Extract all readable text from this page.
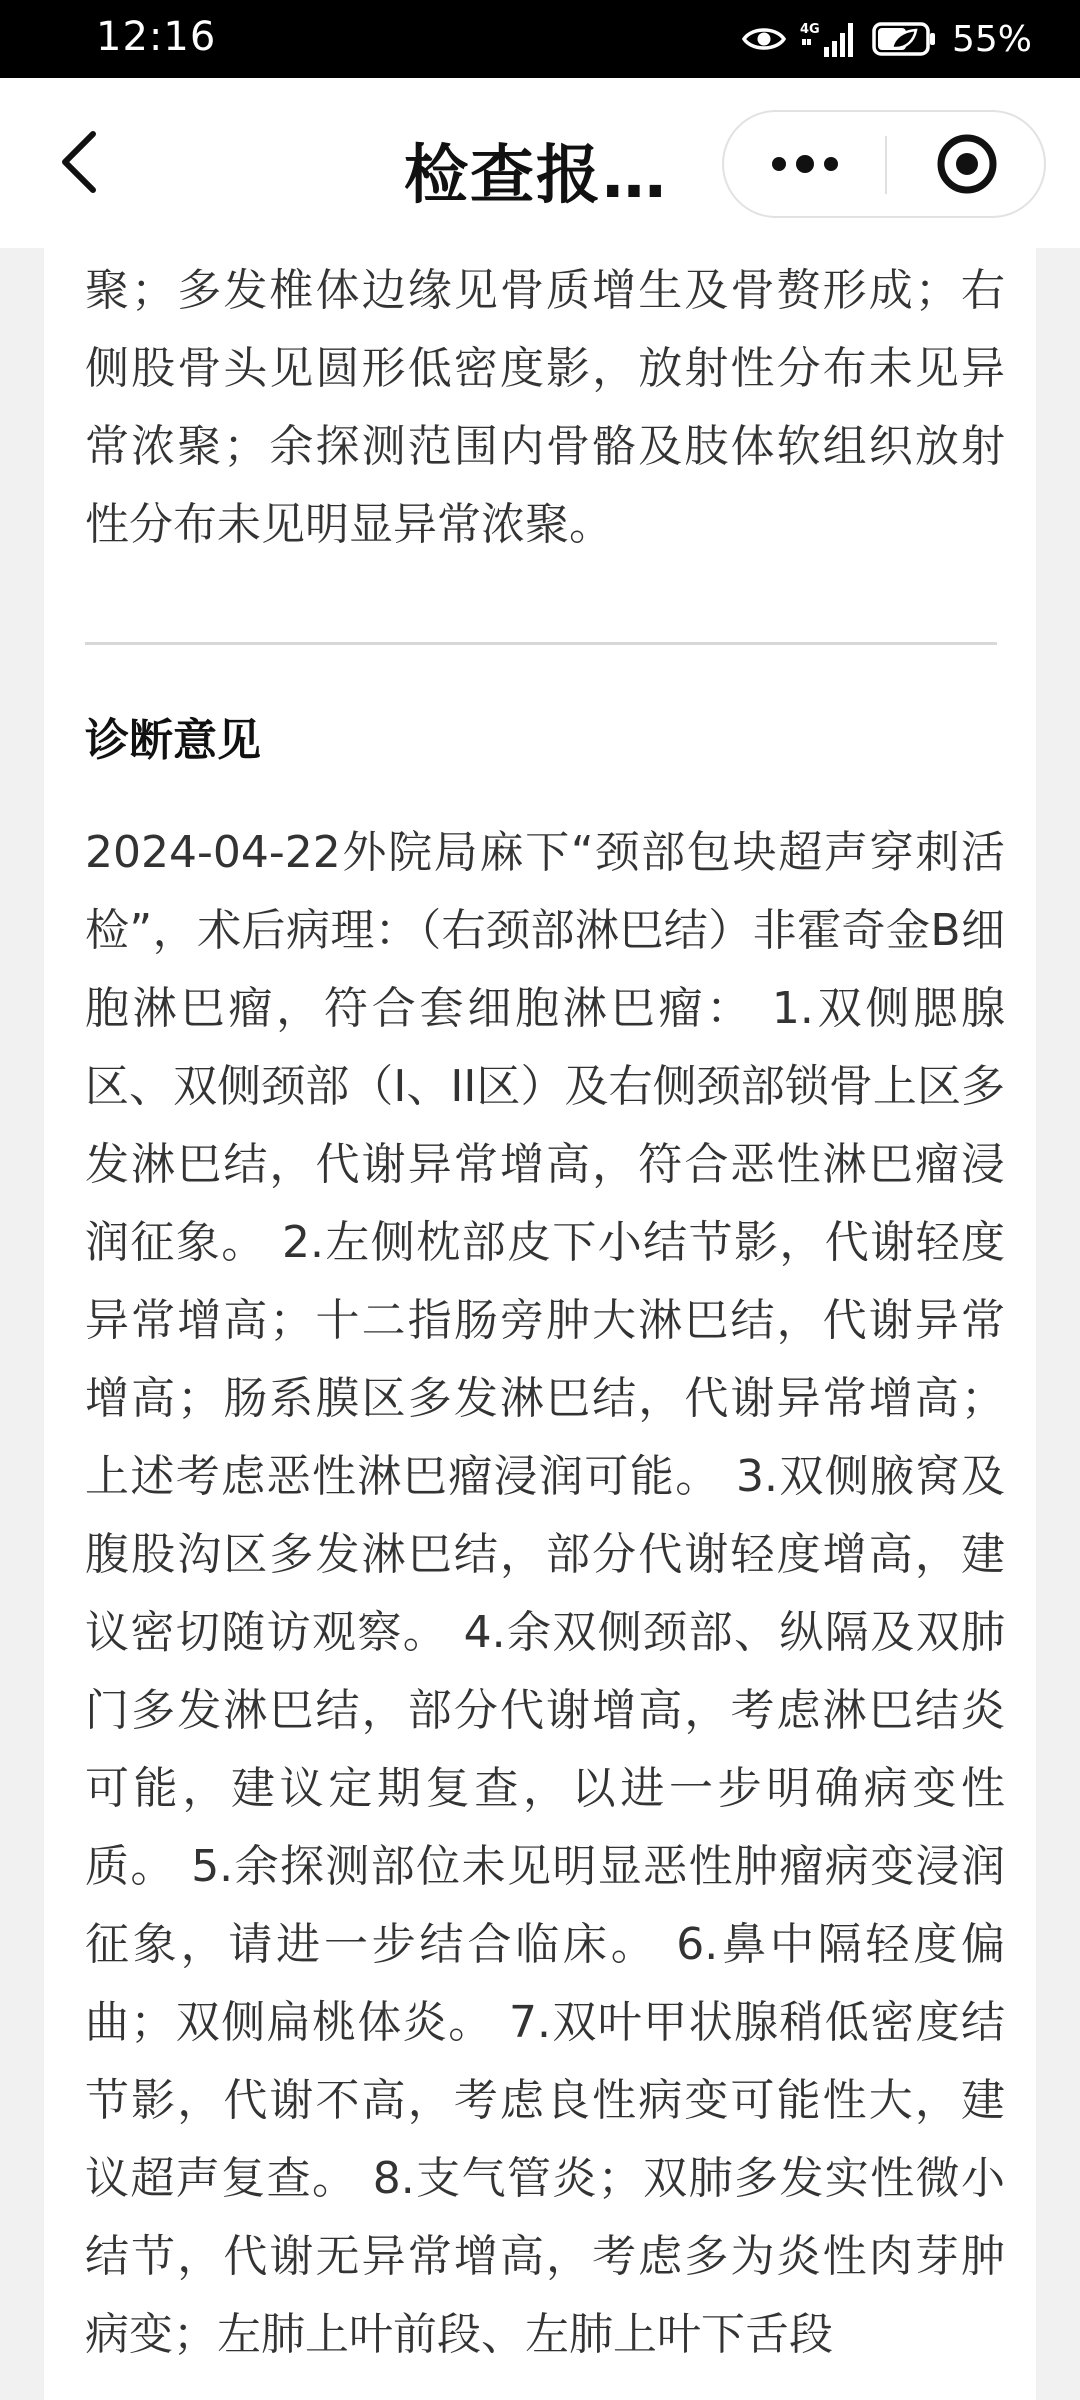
聚；多发椎体边缘见骨质增生及骨赘形成；右侧股骨头见圆形低密度影，放射性分布未见异常浓聚；余探测范围内骨骼及肢体软组织放射性分布未见明显异常浓聚。

诊断意见

2024-04-22外院局麻下“颈部包块超声穿刺活检”，术后病理：（右颈部淋巴结）非霍奇金B细胞淋巴瘤，符合套细胞淋巴瘤： 1.双侧腮腺区、双侧颈部（I、II区）及右侧颈部锁骨上区多发淋巴结，代谢异常增高，符合恶性淋巴瘤浸润征象。 2.左侧枕部皮下小结节影，代谢轻度异常增高；十二指肠旁肿大淋巴结，代谢异常增高；肠系膜区多发淋巴结，代谢异常增高；上述考虑恶性淋巴瘤浸润可能。 3.双侧腋窝及腹股沟区多发淋巴结，部分代谢轻度增高，建议密切随访观察。 4.余双侧颈部、纵隔及双肺门多发淋巴结，部分代谢增高，考虑淋巴结炎可能，建议定期复查，以进一步明确病变性质。 5.余探测部位未见明显恶性肿瘤病变浸润征象，请进一步结合临床。 6.鼻中隔轻度偏曲；双侧扁桃体炎。 7.双叶甲状腺稍低密度结节影，代谢不高，考虑良性病变可能性大，建议超声复查。 8.支气管炎；双肺多发实性微小结节，代谢无异常增高，考虑多为炎性肉芽肿病变；左肺上叶前段、左肺上叶下舌段

检查报…
12:16	4G	55%
